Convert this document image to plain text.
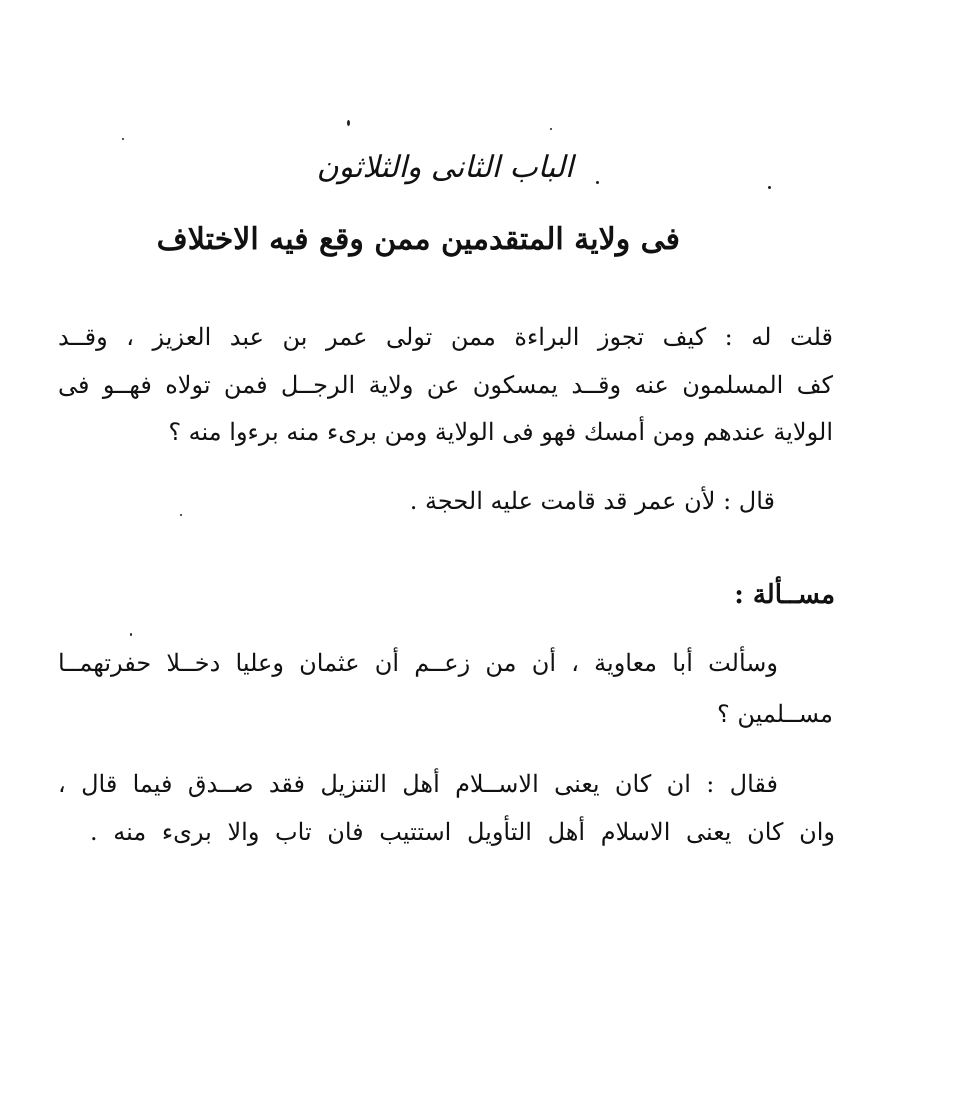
الباب الثانى والثلاثون
فى ولاية المتقدمين ممن وقع فيه الاختلاف
قلت له : كيف تجوز البراءة ممن تولى عمر بن عبد العزيز ، وقــد
كف المسلمون عنه وقــد يمسكون عن ولاية الرجــل فمن تولاه فهــو فى
الولاية عندهم ومن أمسك فهو فى الولاية ومن برىء منه برءوا منه ؟
قال : لأن عمر قد قامت عليه الحجة .
مســألة :
وسألت أبا معاوية ، أن من زعــم أن عثمان وعليا دخــلا حفرتهمــا
مســلمين ؟
فقال : ان كان يعنى الاســلام أهل التنزيل فقد صــدق فيما قال ،
وان كان يعنى الاسلام أهل التأويل استتيب فان تاب والا برىء منه .
